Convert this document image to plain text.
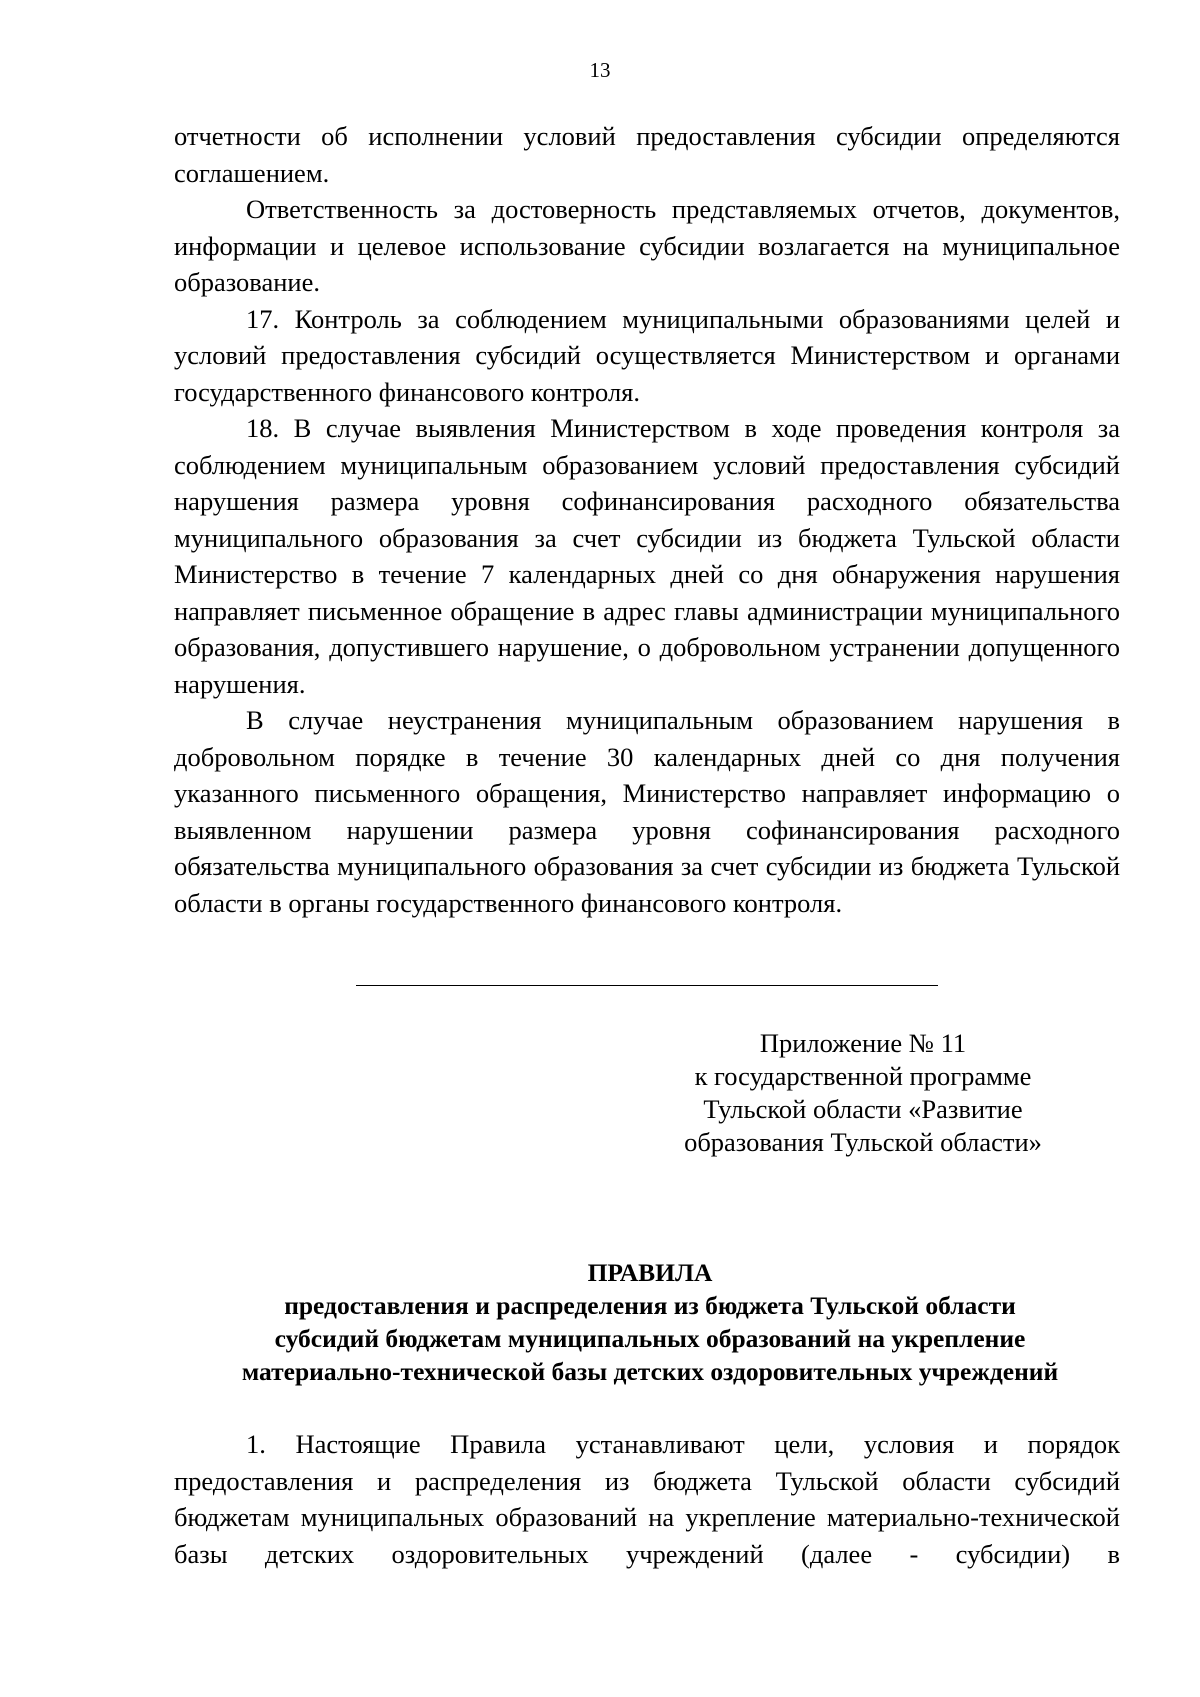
13

отчетности об исполнении условий предоставления субсидии определяются соглашением.

Ответственность за достоверность представляемых отчетов, документов, информации и целевое использование субсидии возлагается на муниципальное образование.

17. Контроль за соблюдением муниципальными образованиями целей и условий предоставления субсидий осуществляется Министерством и органами государственного финансового контроля.

18. В случае выявления Министерством в ходе проведения контроля за соблюдением муниципальным образованием условий предоставления субсидий нарушения размера уровня софинансирования расходного обязательства муниципального образования за счет субсидии из бюджета Тульской области Министерство в течение 7 календарных дней со дня обнаружения нарушения направляет письменное обращение в адрес главы администрации муниципального образования, допустившего нарушение, о добровольном устранении допущенного нарушения.

В случае неустранения муниципальным образованием нарушения в добровольном порядке в течение 30 календарных дней со дня получения указанного письменного обращения, Министерство направляет информацию о выявленном нарушении размера уровня софинансирования расходного обязательства муниципального образования за счет субсидии из бюджета Тульской области в органы государственного финансового контроля.

Приложение № 11
к государственной программе
Тульской области «Развитие
образования Тульской области»
ПРАВИЛА
предоставления и распределения из бюджета Тульской области
субсидий бюджетам муниципальных образований на укрепление
материально-технической базы детских оздоровительных учреждений

1. Настоящие Правила устанавливают цели, условия и порядок предоставления и распределения из бюджета Тульской области субсидий бюджетам муниципальных образований на укрепление материально-технической базы детских оздоровительных учреждений (далее - субсидии) в
